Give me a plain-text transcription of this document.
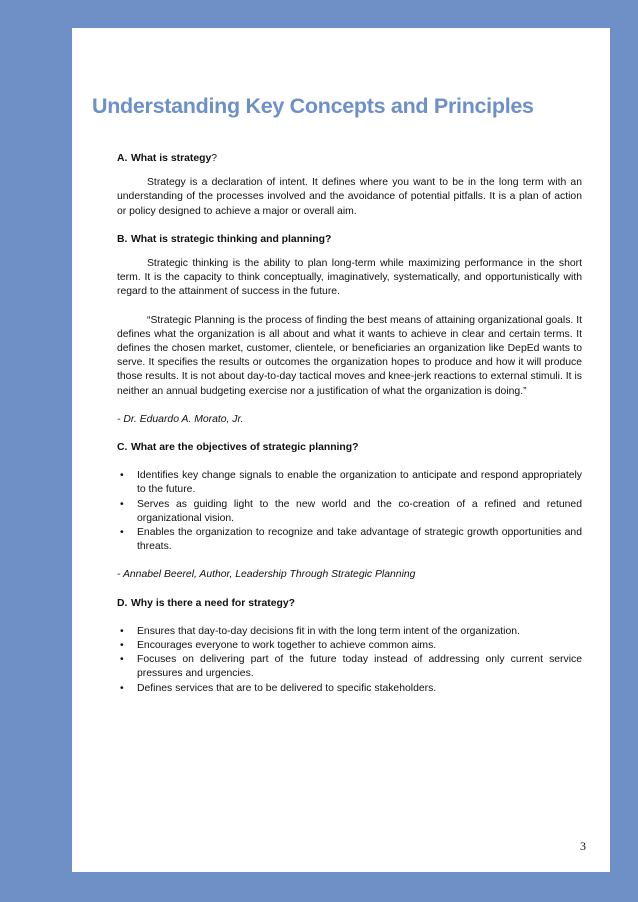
Understanding Key Concepts and Principles

A. What is strategy?

Strategy is a declaration of intent. It defines where you want to be in the long term with an understanding of the processes involved and the avoidance of potential pitfalls. It is a plan of action or policy designed to achieve a major or overall aim.

B. What is strategic thinking and planning?

Strategic thinking is the ability to plan long-term while maximizing performance in the short term. It is the capacity to think conceptually, imaginatively, systematically, and opportunistically with regard to the attainment of success in the future.

“Strategic Planning is the process of finding the best means of attaining organizational goals. It defines what the organization is all about and what it wants to achieve in clear and certain terms. It defines the chosen market, customer, clientele, or beneficiaries an organization like DepEd wants to serve. It specifies the results or outcomes the organization hopes to produce and how it will produce those results. It is not about day-to-day tactical moves and knee-jerk reactions to external stimuli. It is neither an annual budgeting exercise nor a justification of what the organization is doing.”

- Dr. Eduardo A. Morato, Jr.

C. What are the objectives of strategic planning?

• Identifies key change signals to enable the organization to anticipate and respond appropriately to the future.
• Serves as guiding light to the new world and the co-creation of a refined and retuned organizational vision.
• Enables the organization to recognize and take advantage of strategic growth opportunities and threats.

- Annabel Beerel, Author, Leadership Through Strategic Planning

D. Why is there a need for strategy?

• Ensures that day-to-day decisions fit in with the long term intent of the organization.
• Encourages everyone to work together to achieve common aims.
• Focuses on delivering part of the future today instead of addressing only current service pressures and urgencies.
• Defines services that are to be delivered to specific stakeholders.
3
